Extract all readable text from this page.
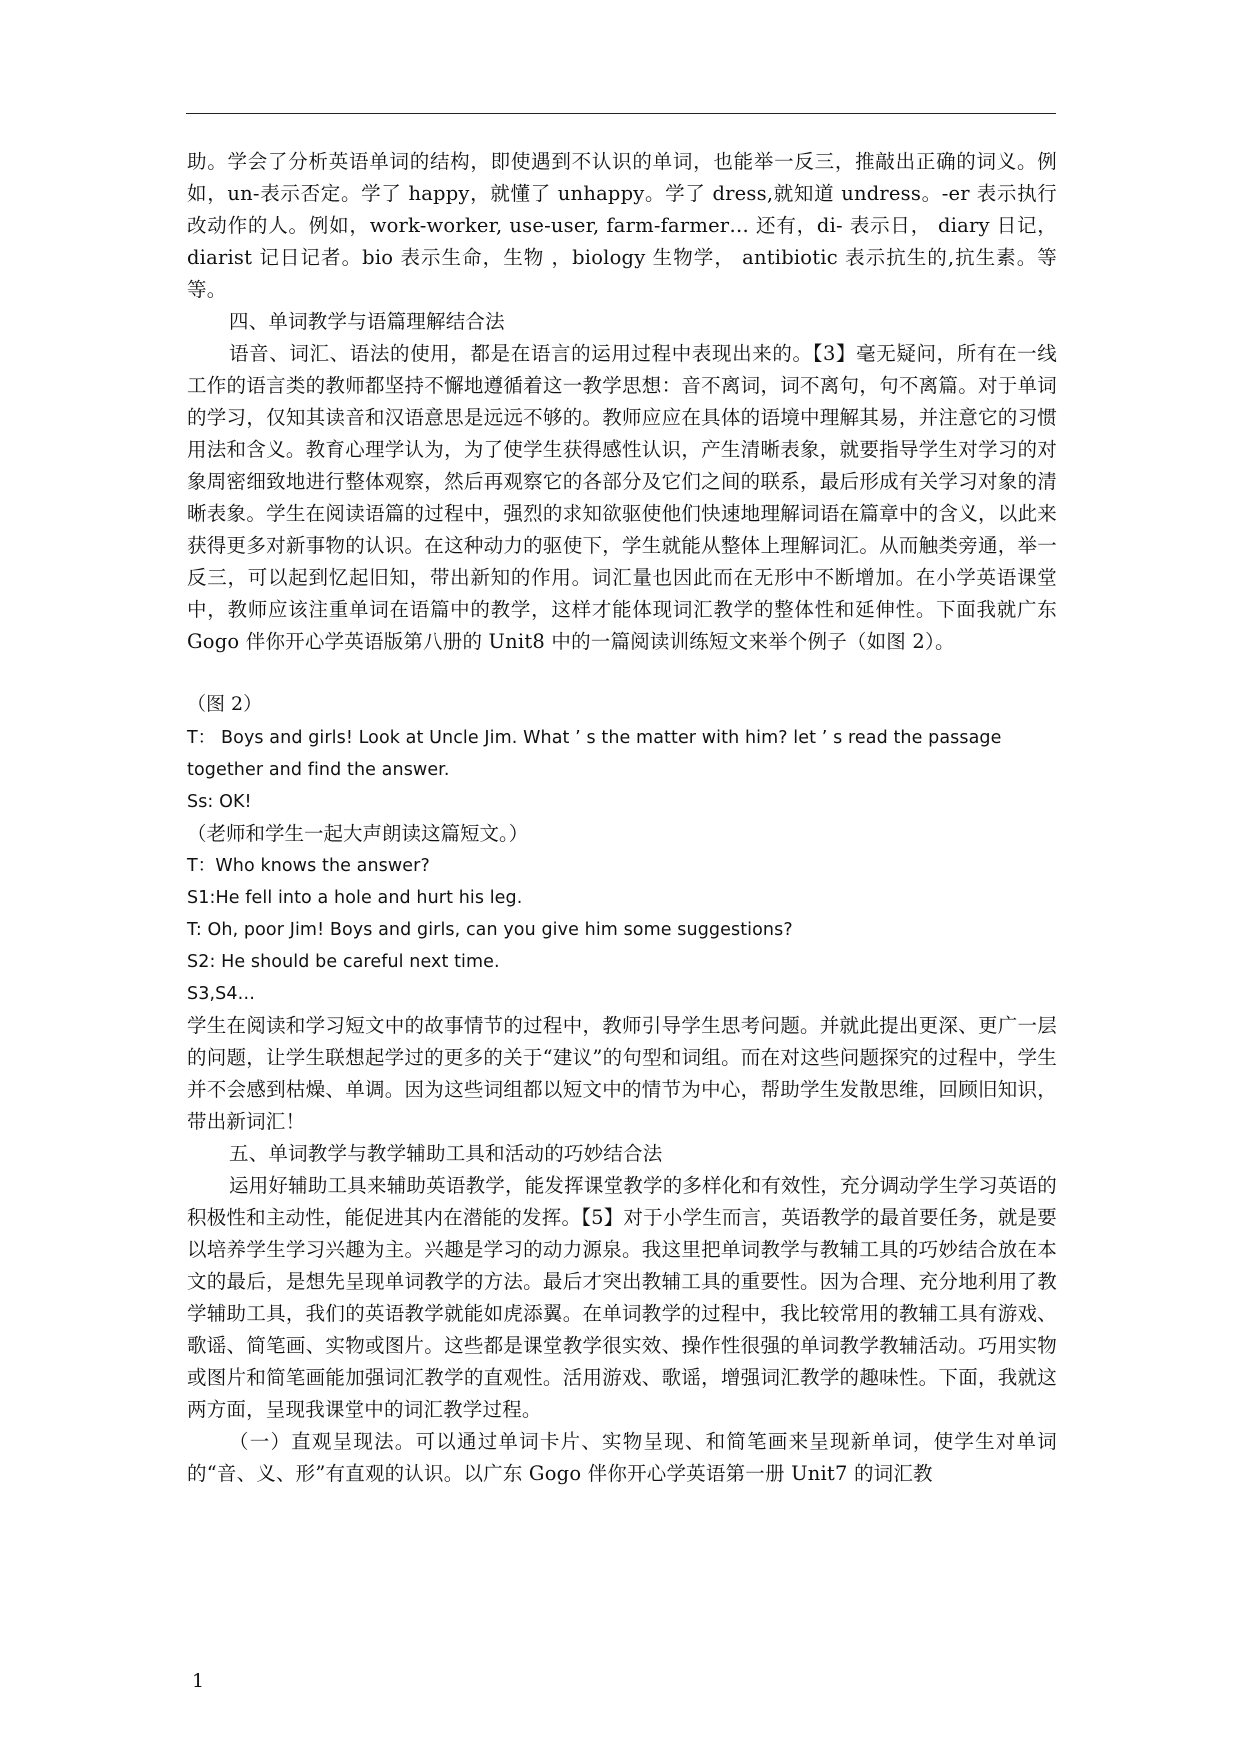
助。学会了分析英语单词的结构，即使遇到不认识的单词，也能举一反三，推敲出正确的词义。例如，un-表示否定。学了 happy，就懂了 unhappy。学了 dress,就知道 undress。-er 表示执行改动作的人。例如，work-worker, use-user, farm-farmer… 还有，di- 表示日， diary 日记， diarist 记日记者。bio 表示生命，生物 ，biology 生物学， antibiotic 表示抗生的,抗生素。等等。

四、单词教学与语篇理解结合法

语音、词汇、语法的使用，都是在语言的运用过程中表现出来的。【3】毫无疑问，所有在一线工作的语言类的教师都坚持不懈地遵循着这一教学思想：音不离词，词不离句，句不离篇。对于单词的学习，仅知其读音和汉语意思是远远不够的。教师应应在具体的语境中理解其易，并注意它的习惯用法和含义。教育心理学认为，为了使学生获得感性认识，产生清晰表象，就要指导学生对学习的对象周密细致地进行整体观察，然后再观察它的各部分及它们之间的联系，最后形成有关学习对象的清晰表象。学生在阅读语篇的过程中，强烈的求知欲驱使他们快速地理解词语在篇章中的含义，以此来获得更多对新事物的认识。在这种动力的驱使下，学生就能从整体上理解词汇。从而触类旁通，举一反三，可以起到忆起旧知，带出新知的作用。词汇量也因此而在无形中不断增加。在小学英语课堂中，教师应该注重单词在语篇中的教学，这样才能体现词汇教学的整体性和延伸性。下面我就广东 Gogo 伴你开心学英语版第八册的 Unit8 中的一篇阅读训练短文来举个例子（如图 2）。

（图 2）

T： Boys and girls! Look at Uncle Jim. What ’ s the matter with him? let ’ s read the passage together and find the answer.

Ss: OK!

（老师和学生一起大声朗读这篇短文。）

T：Who knows the answer?

S1:He fell into a hole and hurt his leg.

T: Oh, poor Jim! Boys and girls, can you give him some suggestions?

S2: He should be careful next time.

S3,S4…

学生在阅读和学习短文中的故事情节的过程中，教师引导学生思考问题。并就此提出更深、更广一层的问题，让学生联想起学过的更多的关于“建议”的句型和词组。而在对这些问题探究的过程中，学生并不会感到枯燥、单调。因为这些词组都以短文中的情节为中心，帮助学生发散思维，回顾旧知识，带出新词汇！

五、单词教学与教学辅助工具和活动的巧妙结合法

运用好辅助工具来辅助英语教学，能发挥课堂教学的多样化和有效性，充分调动学生学习英语的积极性和主动性，能促进其内在潜能的发挥。【5】对于小学生而言，英语教学的最首要任务，就是要以培养学生学习兴趣为主。兴趣是学习的动力源泉。我这里把单词教学与教辅工具的巧妙结合放在本文的最后，是想先呈现单词教学的方法。最后才突出教辅工具的重要性。因为合理、充分地利用了教学辅助工具，我们的英语教学就能如虎添翼。在单词教学的过程中，我比较常用的教辅工具有游戏、歌谣、简笔画、实物或图片。这些都是课堂教学很实效、操作性很强的单词教学教辅活动。巧用实物或图片和简笔画能加强词汇教学的直观性。活用游戏、歌谣，增强词汇教学的趣味性。下面，我就这两方面，呈现我课堂中的词汇教学过程。

（一）直观呈现法。可以通过单词卡片、实物呈现、和简笔画来呈现新单词，使学生对单词的“音、义、形”有直观的认识。以广东 Gogo 伴你开心学英语第一册 Unit7 的词汇教

1
